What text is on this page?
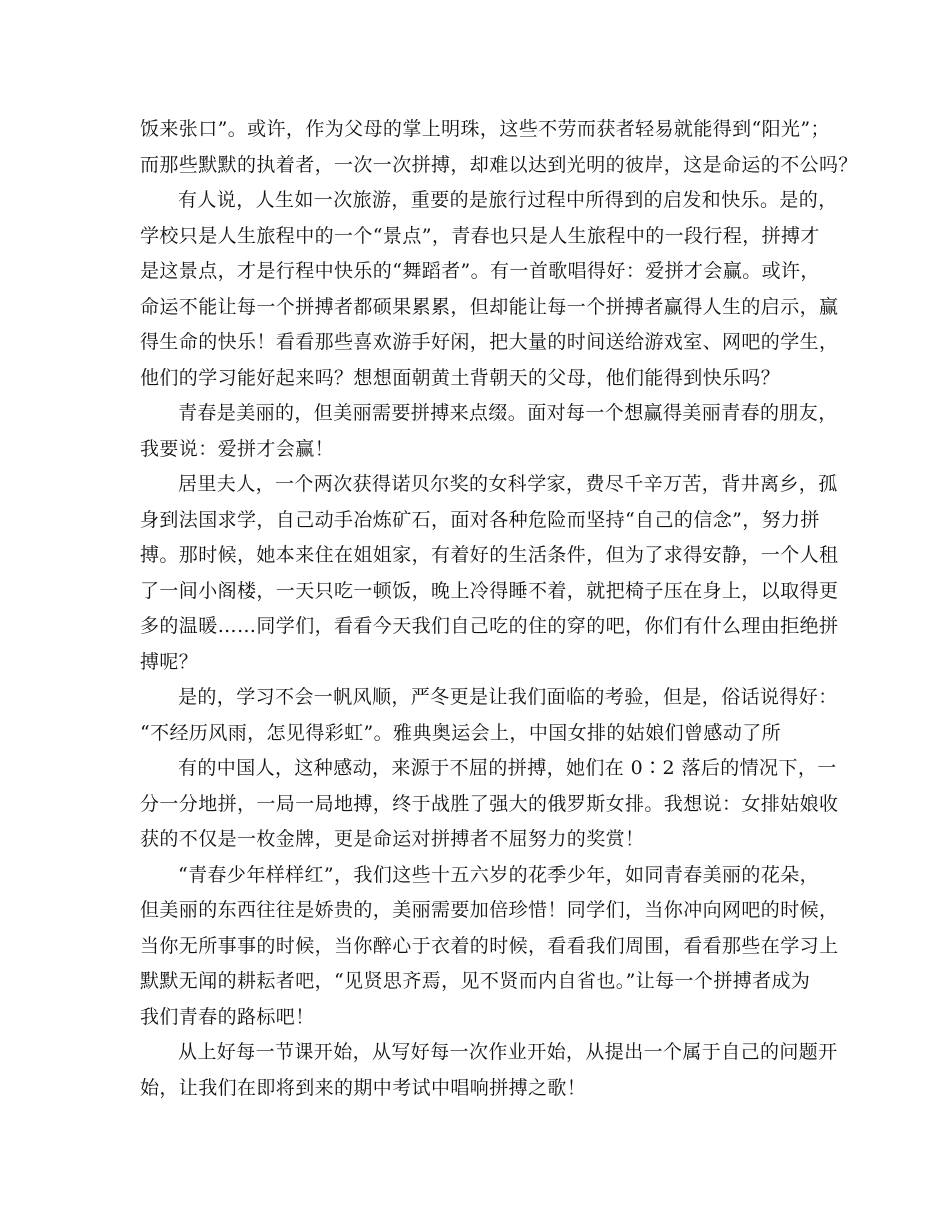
饭来张口”。或许，作为父母的掌上明珠，这些不劳而获者轻易就能得到“阳光”；
而那些默默的执着者，一次一次拼搏，却难以达到光明的彼岸，这是命运的不公吗？
有人说，人生如一次旅游，重要的是旅行过程中所得到的启发和快乐。是的，
学校只是人生旅程中的一个“景点”，青春也只是人生旅程中的一段行程，拼搏才
是这景点，才是行程中快乐的“舞蹈者”。有一首歌唱得好：爱拼才会赢。或许，
命运不能让每一个拼搏者都硕果累累，但却能让每一个拼搏者赢得人生的启示，赢
得生命的快乐！看看那些喜欢游手好闲，把大量的时间送给游戏室、网吧的学生，
他们的学习能好起来吗？想想面朝黄土背朝天的父母，他们能得到快乐吗？
青春是美丽的，但美丽需要拼搏来点缀。面对每一个想赢得美丽青春的朋友，
我要说：爱拼才会赢！
居里夫人，一个两次获得诺贝尔奖的女科学家，费尽千辛万苦，背井离乡，孤
身到法国求学，自己动手冶炼矿石，面对各种危险而坚持“自己的信念”，努力拼
搏。那时候，她本来住在姐姐家，有着好的生活条件，但为了求得安静，一个人租
了一间小阁楼，一天只吃一顿饭，晚上冷得睡不着，就把椅子压在身上，以取得更
多的温暖……同学们，看看今天我们自己吃的住的穿的吧，你们有什么理由拒绝拼
搏呢？
是的，学习不会一帆风顺，严冬更是让我们面临的考验，但是，俗话说得好：
“不经历风雨，怎见得彩虹”。雅典奥运会上，中国女排的姑娘们曾感动了所
有的中国人，这种感动，来源于不屈的拼搏，她们在 0∶2 落后的情况下，一
分一分地拼，一局一局地搏，终于战胜了强大的俄罗斯女排。我想说：女排姑娘收
获的不仅是一枚金牌，更是命运对拼搏者不屈努力的奖赏！
“青春少年样样红”，我们这些十五六岁的花季少年，如同青春美丽的花朵，
但美丽的东西往往是娇贵的，美丽需要加倍珍惜！同学们，当你冲向网吧的时候，
当你无所事事的时候，当你醉心于衣着的时候，看看我们周围，看看那些在学习上
默默无闻的耕耘者吧，“见贤思齐焉，见不贤而内自省也。”让每一个拼搏者成为
我们青春的路标吧！
从上好每一节课开始，从写好每一次作业开始，从提出一个属于自己的问题开
始，让我们在即将到来的期中考试中唱响拼搏之歌！
